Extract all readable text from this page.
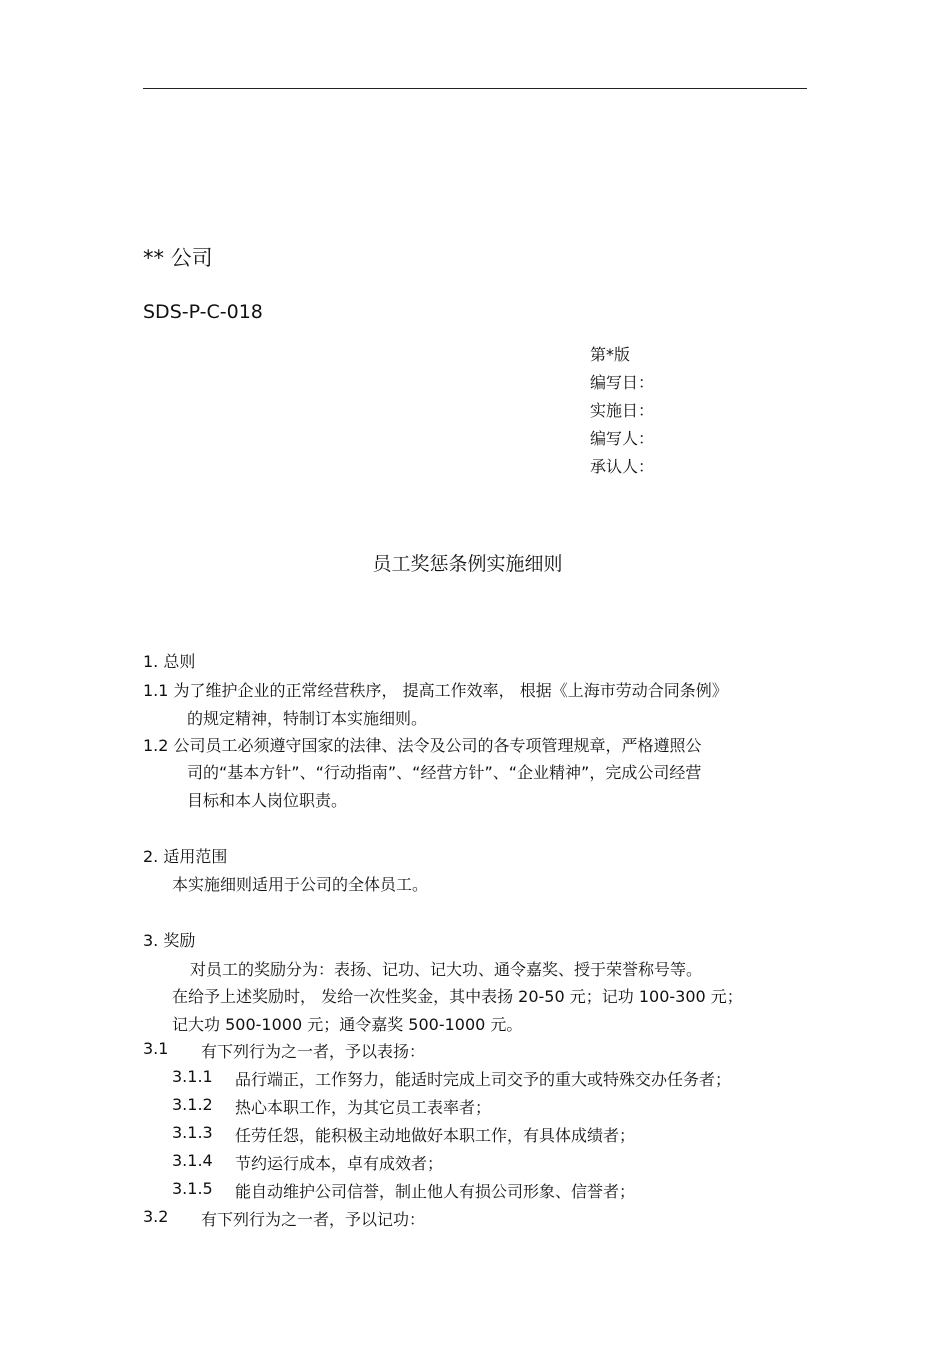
** 公司
SDS-P-C-018
第*版
编写日：
实施日：
编写人：
承认人：
员工奖惩条例实施细则
1. 总则
1.1 为了维护企业的正常经营秩序， 提高工作效率， 根据《上海市劳动合同条例》
的规定精神，特制订本实施细则。
1.2 公司员工必须遵守国家的法律、法令及公司的各专项管理规章，严格遵照公
司的“基本方针”、“行动指南”、“经营方针”、“企业精神”，完成公司经营
目标和本人岗位职责。
2. 适用范围
本实施细则适用于公司的全体员工。
3. 奖励
对员工的奖励分为：表扬、记功、记大功、通令嘉奖、授于荣誉称号等。
在给予上述奖励时， 发给一次性奖金，其中表扬 20-50 元；记功 100-300 元；
记大功 500-1000 元；通令嘉奖 500-1000 元。
3.1 有下列行为之一者，予以表扬：
3.1.1 品行端正，工作努力，能适时完成上司交予的重大或特殊交办任务者；
3.1.2 热心本职工作，为其它员工表率者；
3.1.3 任劳任怨，能积极主动地做好本职工作，有具体成绩者；
3.1.4 节约运行成本，卓有成效者；
3.1.5 能自动维护公司信誉，制止他人有损公司形象、信誉者；
3.2 有下列行为之一者，予以记功：
